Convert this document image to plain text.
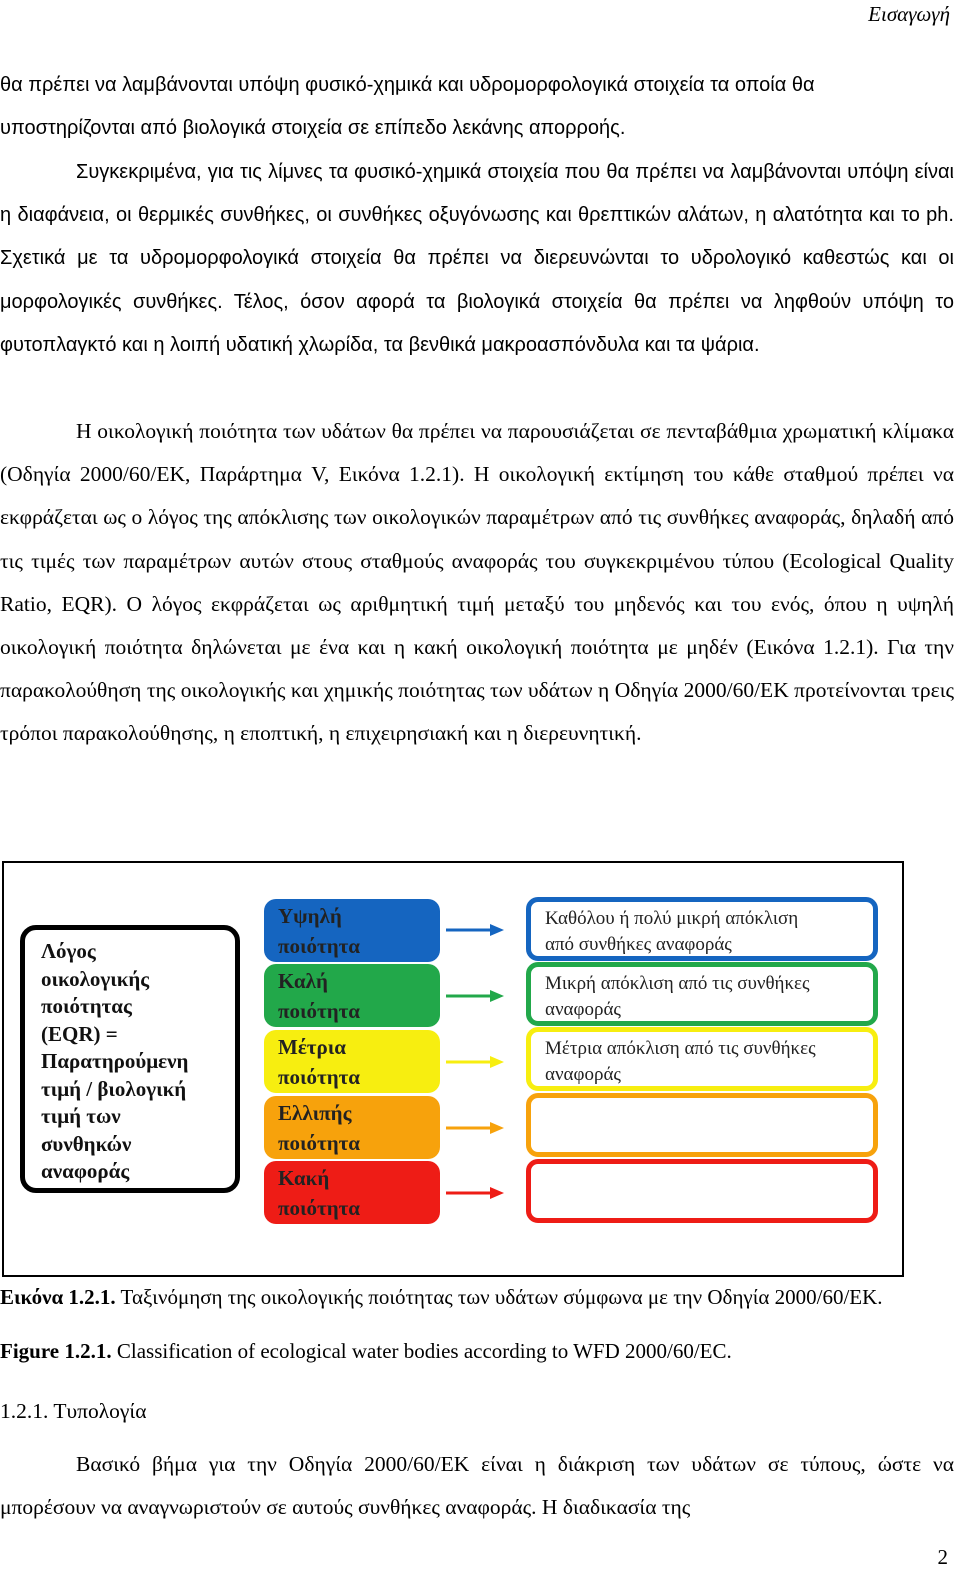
Εισαγωγή
θα πρέπει να λαμβάνονται υπόψη φυσικό-χημικά και υδρομορφολογικά στοιχεία τα οποία θα
υποστηρίζονται από βιολογικά στοιχεία σε επίπεδο λεκάνης απορροής.

Συγκεκριμένα, για τις λίμνες τα φυσικό-χημικά στοιχεία που θα πρέπει να λαμβάνονται υπόψη είναι η διαφάνεια, οι θερμικές συνθήκες, οι συνθήκες οξυγόνωσης και θρεπτικών αλάτων, η αλατότητα και το ph. Σχετικά με τα υδρομορφολογικά στοιχεία θα πρέπει να διερευνώνται το υδρολογικό καθεστώς και οι μορφολογικές συνθήκες. Τέλος, όσον αφορά τα βιολογικά στοιχεία θα πρέπει να ληφθούν υπόψη το φυτοπλαγκτό και η λοιπή υδατική χλωρίδα, τα βενθικά μακροασπόνδυλα και τα ψάρια.

Η οικολογική ποιότητα των υδάτων θα πρέπει να παρουσιάζεται σε πενταβάθμια χρωματική κλίμακα (Οδηγία 2000/60/ΕΚ, Παράρτημα V, Εικόνα 1.2.1). Η οικολογική εκτίμηση του κάθε σταθμού πρέπει να εκφράζεται ως ο λόγος της απόκλισης των οικολογικών παραμέτρων από τις συνθήκες αναφοράς, δηλαδή από τις τιμές των παραμέτρων αυτών στους σταθμούς αναφοράς του συγκεκριμένου τύπου (Ecological Quality Ratio, EQR). Ο λόγος εκφράζεται ως αριθμητική τιμή μεταξύ του μηδενός και του ενός, όπου η υψηλή οικολογική ποιότητα δηλώνεται με ένα και η κακή οικολογική ποιότητα με μηδέν (Εικόνα 1.2.1). Για την παρακολούθηση της οικολογικής και χημικής ποιότητας των υδάτων η Οδηγία 2000/60/ΕΚ προτείνονται τρεις τρόποι παρακολούθησης, η εποπτική, η επιχειρησιακή και η διερευνητική.

Λόγος
οικολογικής
ποιότητας
(EQR) =
Παρατηρούμενη
τιμή / βιολογική
τιμή των
συνθηκών
αναφοράς
Υψηλή
ποιότητα
Καθόλου ή πολύ μικρή απόκλιση
από συνθήκες αναφοράς
Καλή
ποιότητα
Μικρή απόκλιση από τις συνθήκες
αναφοράς
Μέτρια
ποιότητα
Μέτρια απόκλιση από τις συνθήκες
αναφοράς
Ελλιπής
ποιότητα
Κακή
ποιότητα

Εικόνα 1.2.1. Ταξινόμηση της οικολογικής ποιότητας των υδάτων σύμφωνα με την Οδηγία 2000/60/ΕΚ.

Figure 1.2.1. Classification of ecological water bodies according to WFD 2000/60/EC.

1.2.1. Τυπολογία

Βασικό βήμα για την Οδηγία 2000/60/ΕΚ είναι η διάκριση των υδάτων σε τύπους, ώστε να μπορέσουν να αναγνωριστούν σε αυτούς συνθήκες αναφοράς. Η διαδικασία της

2
